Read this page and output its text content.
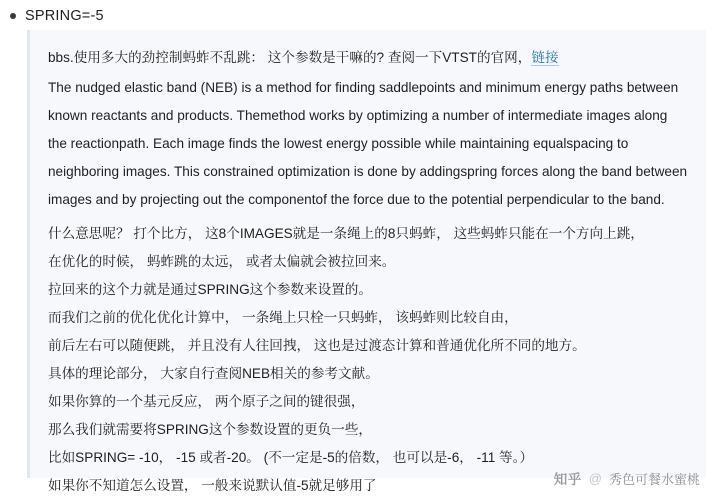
SPRING=-5

bbs.使用多大的劲控制蚂蚱不乱跳： 这个参数是干嘛的? 查阅一下VTST的官网，链接

The nudged elastic band (NEB) is a method for finding saddlepoints and minimum energy paths between known reactants and products. Themethod works by optimizing a number of intermediate images along the reactionpath. Each image finds the lowest energy possible while maintaining equalspacing to neighboring images. This constrained optimization is done by addingspring forces along the band between images and by projecting out the componentof the force due to the potential perpendicular to the band.

什么意思呢？ 打个比方， 这8个IMAGES就是一条绳上的8只蚂蚱， 这些蚂蚱只能在一个方向上跳，

在优化的时候， 蚂蚱跳的太远， 或者太偏就会被拉回来。

拉回来的这个力就是通过SPRING这个参数来设置的。

而我们之前的优化优化计算中， 一条绳上只栓一只蚂蚱， 该蚂蚱则比较自由，

前后左右可以随便跳， 并且没有人往回拽， 这也是过渡态计算和普通优化所不同的地方。

具体的理论部分， 大家自行查阅NEB相关的参考文献。

如果你算的一个基元反应， 两个原子之间的键很强，

那么我们就需要将SPRING这个参数设置的更负一些，

比如SPRING= -10， -15 或者-20。 (不一定是-5的倍数， 也可以是-6， -11 等。）

如果你不知道怎么设置， 一般来说默认值-5就足够用了	知乎 @ 秀色可餐水蜜桃
